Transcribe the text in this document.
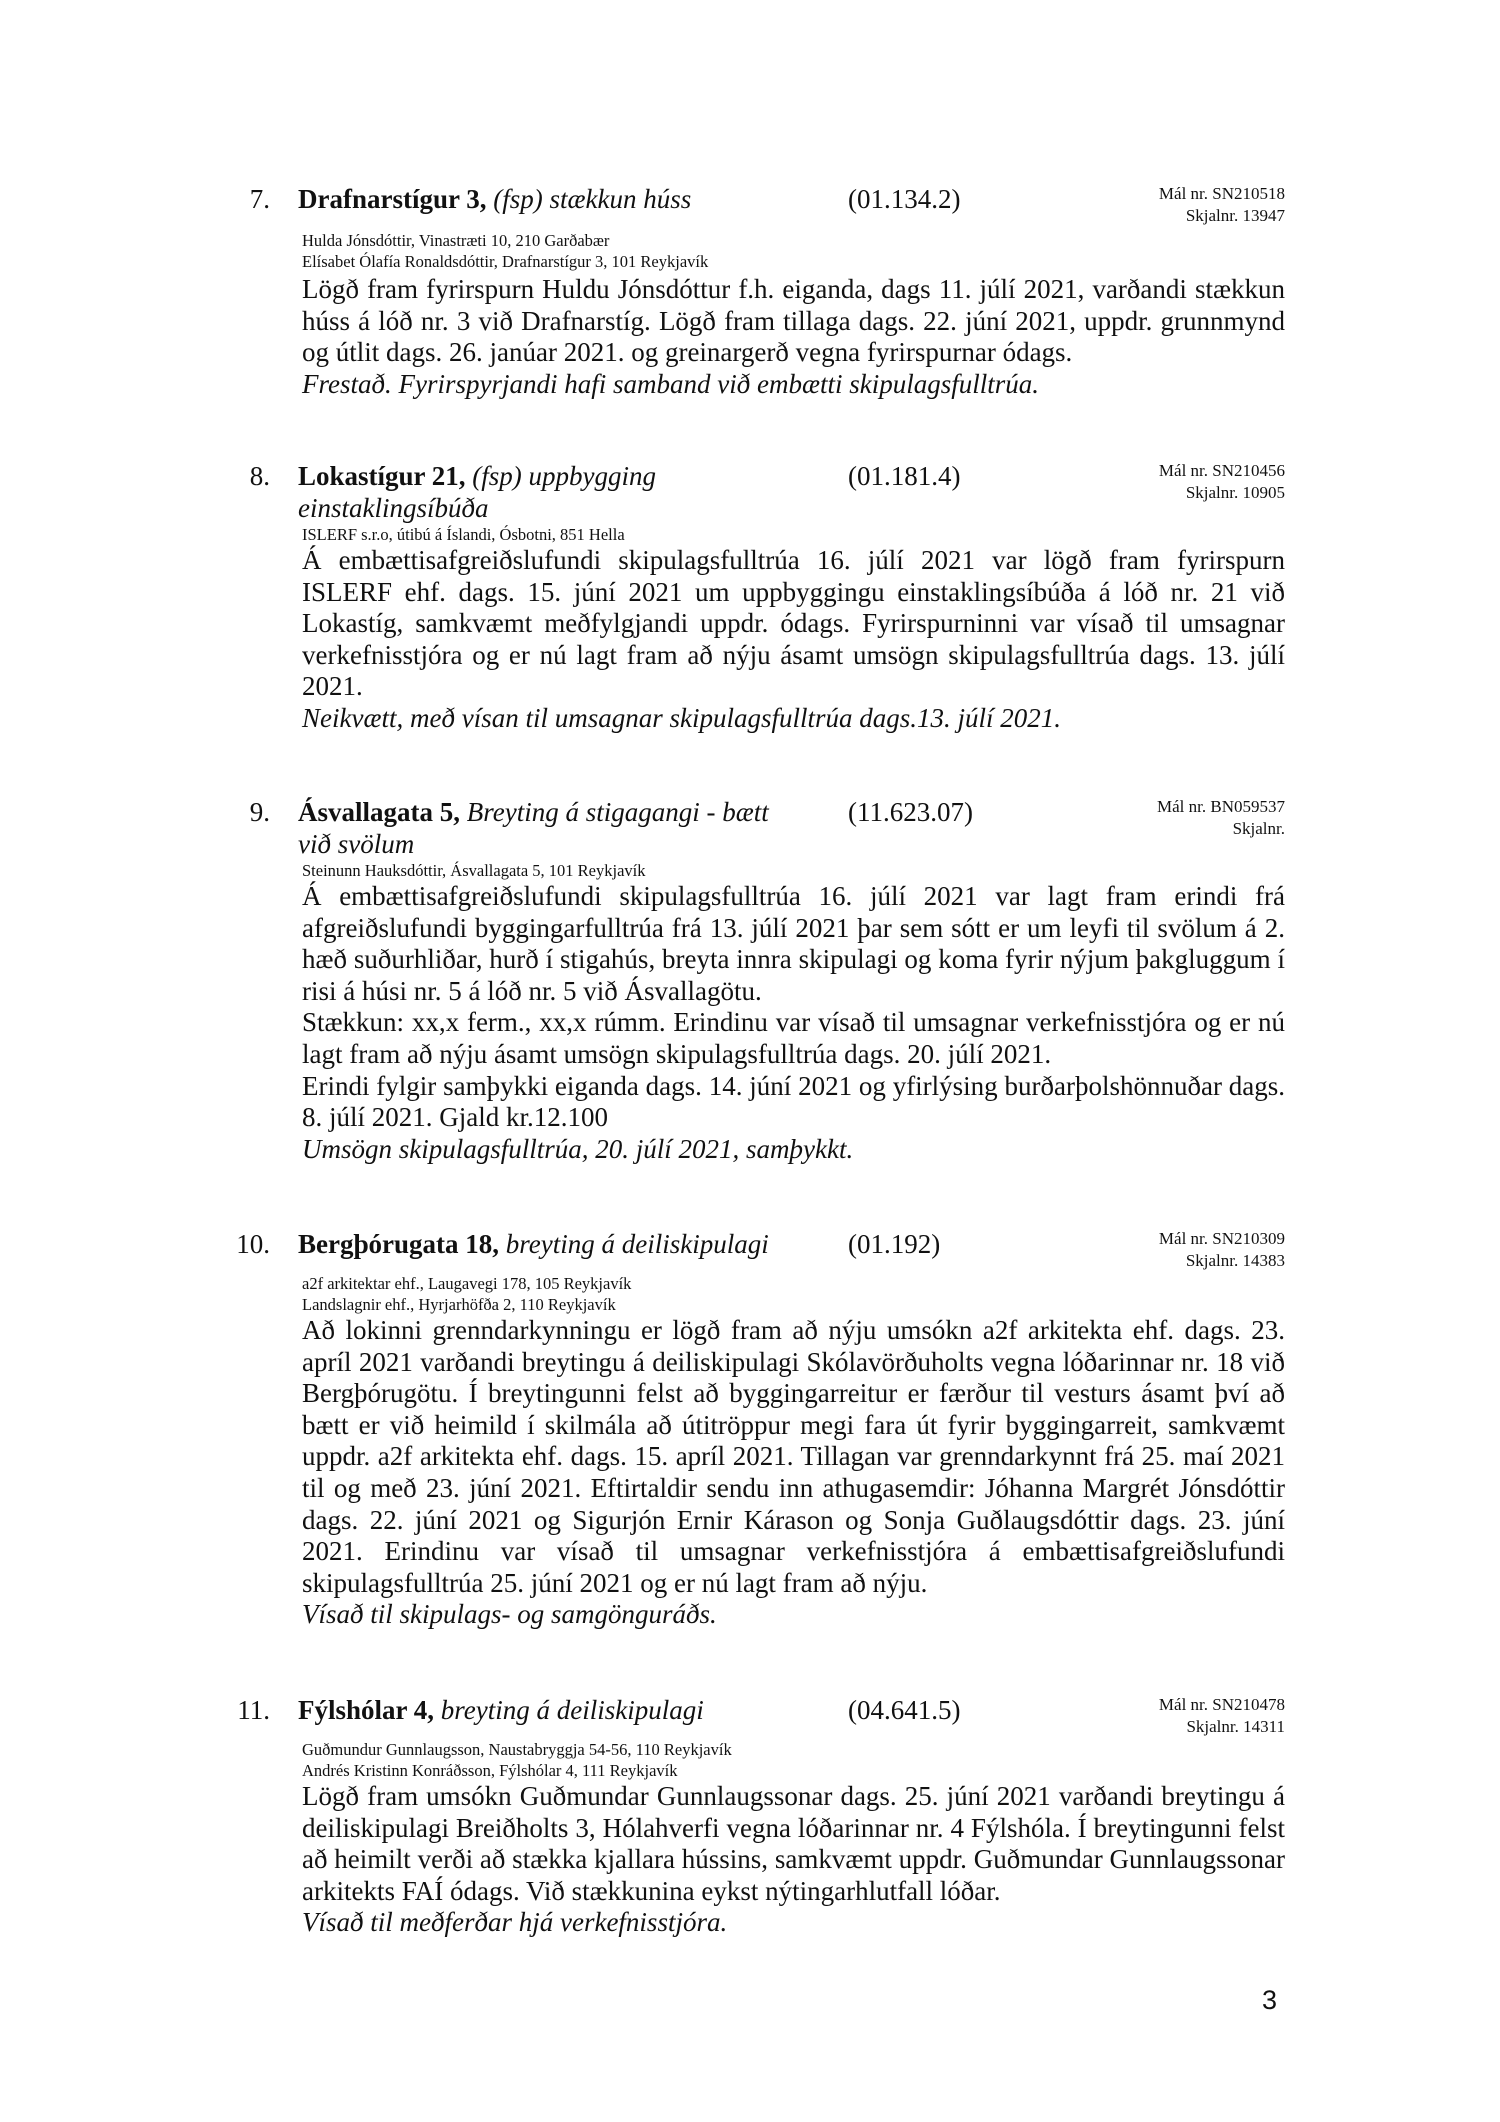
7. Drafnarstígur 3, (fsp) stækkun húss	(01.134.2)	Mál nr. SN210518
Skjalnr. 13947
Hulda Jónsdóttir, Vinastræti 10, 210 Garðabær
Elísabet Ólafía Ronaldsdóttir, Drafnarstígur 3, 101 Reykjavík

Lögð fram fyrirspurn Huldu Jónsdóttur f.h. eiganda, dags 11. júlí 2021, varðandi stækkun húss á lóð nr. 3 við Drafnarstíg. Lögð fram tillaga dags. 22. júní 2021, uppdr. grunnmynd og útlit dags. 26. janúar 2021. og greinargerð vegna fyrirspurnar ódags.

Frestað. Fyrirspyrjandi hafi samband við embætti skipulagsfulltrúa.

8. Lokastígur 21, (fsp) uppbygging einstaklingsíbúða
(01.181.4)	Mál nr. SN210456
Skjalnr. 10905
ISLERF s.r.o, útibú á Íslandi, Ósbotni, 851 Hella

Á embættisafgreiðslufundi skipulagsfulltrúa 16. júlí 2021 var lögð fram fyrirspurn ISLERF ehf. dags. 15. júní 2021 um uppbyggingu einstaklingsíbúða á lóð nr. 21 við Lokastíg, samkvæmt meðfylgjandi uppdr. ódags. Fyrirspurninni var vísað til umsagnar verkefnisstjóra og er nú lagt fram að nýju ásamt umsögn skipulagsfulltrúa dags. 13. júlí 2021.

Neikvætt, með vísan til umsagnar skipulagsfulltrúa dags.13. júlí 2021.

9. Ásvallagata 5, Breyting á stigagangi - bætt við svölum
(11.623.07)	Mál nr. BN059537
Skjalnr.
Steinunn Hauksdóttir, Ásvallagata 5, 101 Reykjavík

Á embættisafgreiðslufundi skipulagsfulltrúa 16. júlí 2021 var lagt fram erindi frá afgreiðslufundi byggingarfulltrúa frá 13. júlí 2021 þar sem sótt er um leyfi til svölum á 2. hæð suðurhliðar, hurð í stigahús, breyta innra skipulagi og koma fyrir nýjum þakgluggum í risi á húsi nr. 5 á lóð nr. 5 við Ásvallagötu.

Stækkun: xx,x ferm., xx,x rúmm. Erindinu var vísað til umsagnar verkefnisstjóra og er nú lagt fram að nýju ásamt umsögn skipulagsfulltrúa dags. 20. júlí 2021.

Erindi fylgir samþykki eiganda dags. 14. júní 2021 og yfirlýsing burðarþolshönnuðar dags. 8. júlí 2021. Gjald kr.12.100

Umsögn skipulagsfulltrúa, 20. júlí 2021, samþykkt.

10. Bergþórugata 18, breyting á deiliskipulagi	(01.192)	Mál nr. SN210309
Skjalnr. 14383
a2f arkitektar ehf., Laugavegi 178, 105 Reykjavík
Landslagnir ehf., Hyrjarhöfða 2, 110 Reykjavík

Að lokinni grenndarkynningu er lögð fram að nýju umsókn a2f arkitekta ehf. dags. 23. apríl 2021 varðandi breytingu á deiliskipulagi Skólavörðuholts vegna lóðarinnar nr. 18 við Bergþórugötu. Í breytingunni felst að byggingarreitur er færður til vesturs ásamt því að bætt er við heimild í skilmála að útitröppur megi fara út fyrir byggingarreit, samkvæmt uppdr. a2f arkitekta ehf. dags. 15. apríl 2021. Tillagan var grenndarkynnt frá 25. maí 2021 til og með 23. júní 2021. Eftirtaldir sendu inn athugasemdir: Jóhanna Margrét Jónsdóttir dags. 22. júní 2021 og Sigurjón Ernir Kárason og Sonja Guðlaugsdóttir dags. 23. júní 2021. Erindinu var vísað til umsagnar verkefnisstjóra á embættisafgreiðslufundi skipulagsfulltrúa 25. júní 2021 og er nú lagt fram að nýju.

Vísað til skipulags- og samgönguráðs.

11. Fýlshólar 4, breyting á deiliskipulagi	(04.641.5)	Mál nr. SN210478
Skjalnr. 14311
Guðmundur Gunnlaugsson, Naustabryggja 54-56, 110 Reykjavík
Andrés Kristinn Konráðsson, Fýlshólar 4, 111 Reykjavík

Lögð fram umsókn Guðmundar Gunnlaugssonar dags. 25. júní 2021 varðandi breytingu á deiliskipulagi Breiðholts 3, Hólahverfi vegna lóðarinnar nr. 4 Fýlshóla. Í breytingunni felst að heimilt verði að stækka kjallara hússins, samkvæmt uppdr. Guðmundar Gunnlaugssonar arkitekts FAÍ ódags. Við stækkunina eykst nýtingarhlutfall lóðar.

Vísað til meðferðar hjá verkefnisstjóra.

3
